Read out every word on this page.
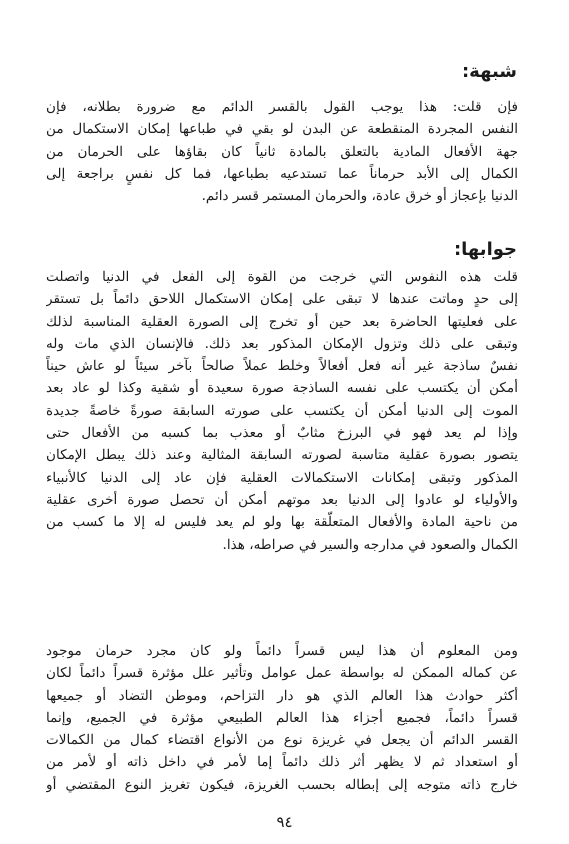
شبهة:

فإن قلت: هذا يوجب القول بالقسر الدائم مع ضرورة بطلانه، فإن
النفس المجردة المنقطعة عن البدن لو بقي في طباعها إمكان الاستكمال من
جهة الأفعال المادية بالتعلق بالمادة ثانياً كان بقاؤها على الحرمان من
الكمال إلى الأبد حرماناً عما تستدعيه بطباعها، فما كل نفسٍ براجعة إلى
الدنيا بإعجاز أو خرق عادة، والحرمان المستمر قسر دائم.

جوابها:

قلت هذه النفوس التي خرجت من القوة إلى الفعل في الدنيا واتصلت
إلى حدٍ وماتت عندها لا تبقى على إمكان الاستكمال اللاحق دائماً بل تستقر
على فعليتها الحاضرة بعد حين أو تخرج إلى الصورة العقلية المناسبة لذلك
وتبقى على ذلك وتزول الإمكان المذكور بعد ذلك. فالإنسان الذي مات وله
نفسٌ ساذجة غير أنه فعل أفعالاً وخلط عملاً صالحاً بآخر سيئاً لو عاش حيناً
أمكن أن يكتسب على نفسه الساذجة صورة سعيدة أو شقية وكذا لو عاد بعد
الموت إلى الدنيا أمكن أن يكتسب على صورته السابقة صورةً خاصةً جديدة
وإذا لم يعد فهو في البرزخ مثابٌ أو معذب بما كسبه من الأفعال حتى
يتصور بصورة عقلية متاسبة لصورته السابقة المثالية وعند ذلك يبطل الإمكان
المذكور وتبقى إمكانات الاستكمالات العقلية فإن عاد إلى الدنيا كالأنبياء
والأولياء لو عادوا إلى الدنيا بعد موتهم أمكن أن تحصل صورة أخرى عقلية
من ناحية المادة والأفعال المتعلّقة بها ولو لم يعد فليس له إلا ما كسب من
الكمال والصعود في مدارجه والسير في صراطه، هذا.

ومن المعلوم أن هذا ليس قسراً دائماً ولو كان مجرد حرمان موجود
عن كماله الممكن له بواسطة عمل عوامل وتأثير علل مؤثرة قسراً دائماً لكان
أكثر حوادث هذا العالم الذي هو دار التزاحم، وموطن التضاد أو جميعها
قسراً دائماً، فجميع أجزاء هذا العالم الطبيعي مؤثرة في الجميع، وإنما
القسر الدائم أن يجعل في غريزة نوع من الأنواع اقتضاء كمال من الكمالات
أو استعداد ثم لا يظهر أثر ذلك دائماً إما لأمر في داخل ذاته أو لأمر من
خارج ذاته متوجه إلى إبطاله بحسب الغريزة، فيكون تغريز النوع المقتضي أو

٩٤
